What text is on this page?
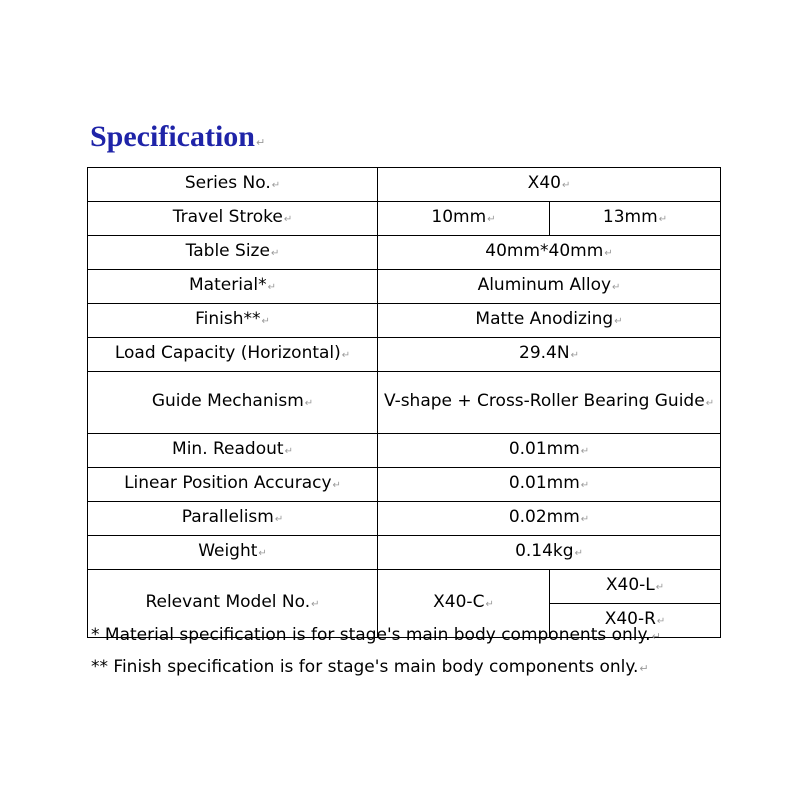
Specification↵
Series No.↵	X40↵	
Travel Stroke↵	10mm↵	13mm↵
Table Size↵	40mm*40mm↵	
Material*↵	Aluminum Alloy↵	
Finish**↵	Matte Anodizing↵	
Load Capacity (Horizontal)↵	29.4N↵	
Guide Mechanism↵	V-shape + Cross-Roller Bearing Guide↵	
Min. Readout↵	0.01mm↵	
Linear Position Accuracy↵	0.01mm↵	
Parallelism↵	0.02mm↵	
Weight↵	0.14kg↵	
Relevant Model No.↵	X40-C↵	X40-L↵
		X40-R↵
* Material specification is for stage's main body components only.↵
** Finish specification is for stage's main body components only.↵
